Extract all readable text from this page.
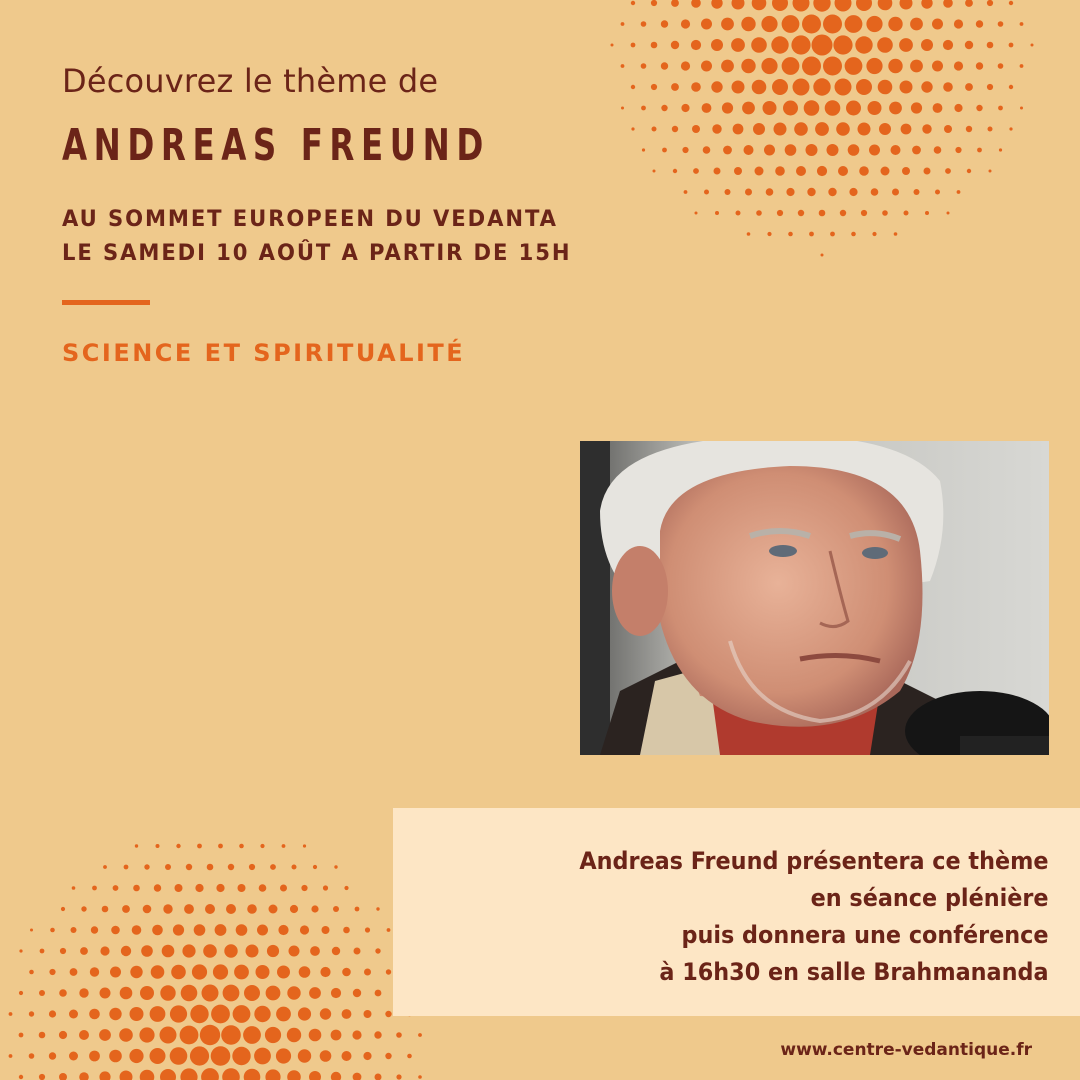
Découvrez le thème de
ANDREAS FREUND
AU SOMMET EUROPEEN DU VEDANTA
LE SAMEDI 10 AOÛT A PARTIR DE 15H
SCIENCE ET SPIRITUALITÉ
Andreas Freund présentera ce thème
en séance plénière
puis donnera une conférence
à 16h30 en salle Brahmananda
www.centre-vedantique.fr
